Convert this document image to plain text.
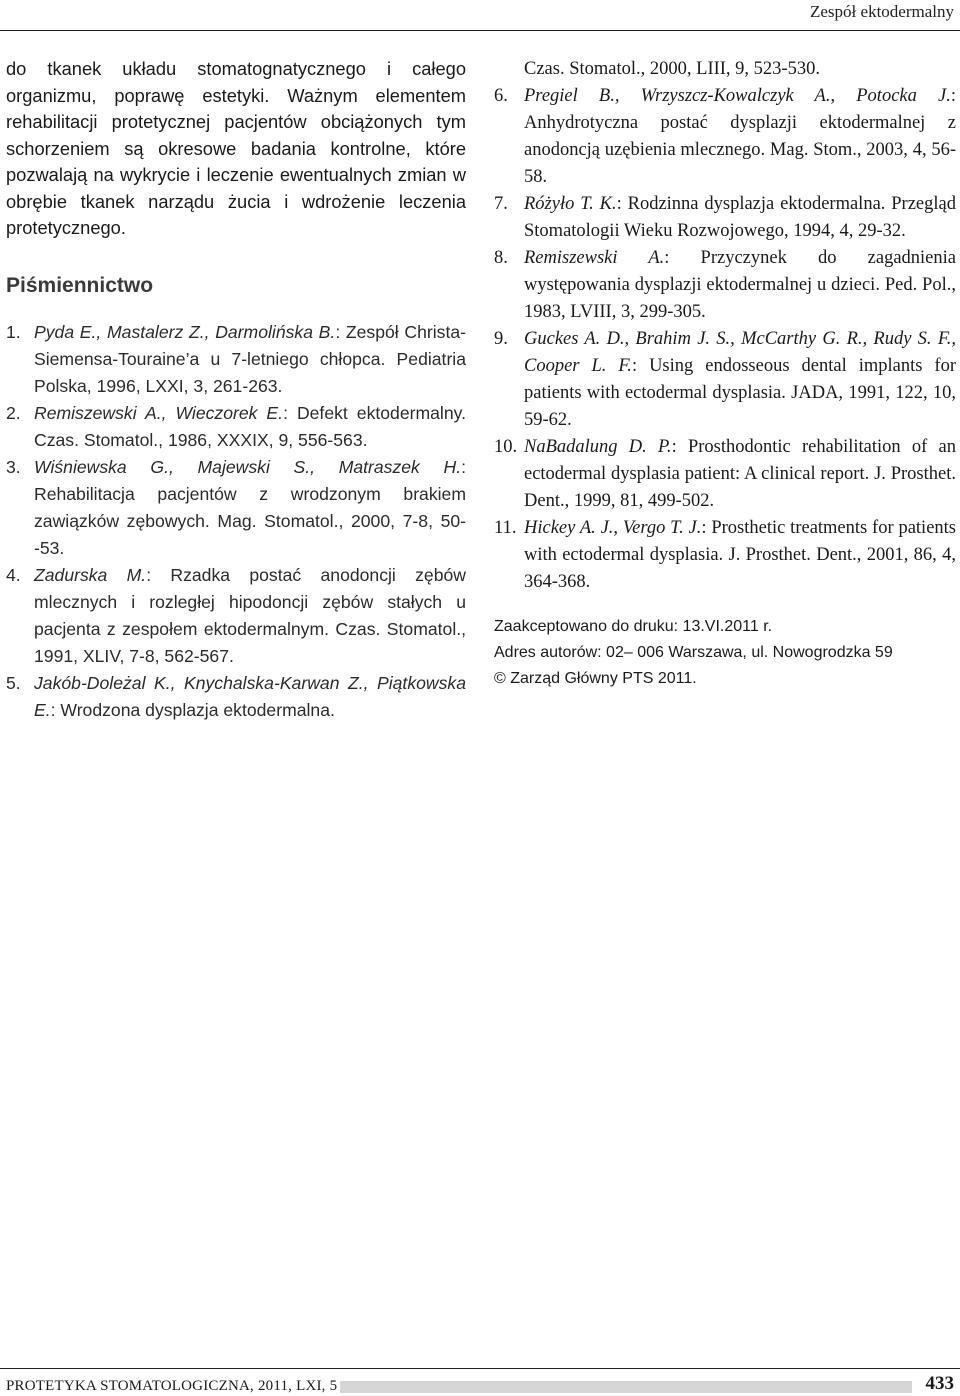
Zespół ektodermalny

do tkanek układu stomatognatycznego i całego organizmu, poprawę estetyki. Ważnym elementem rehabilitacji protetycznej pacjentów obciążonych tym schorzeniem są okresowe badania kontrolne, które pozwalają na wykrycie i leczenie ewentualnych zmian w obrębie tkanek narządu żucia i wdrożenie leczenia protetycznego.

Piśmiennictwo
1. Pyda E., Mastalerz Z., Darmolińska B.: Zespół Christa-Siemensa-Touraine’a u 7-letniego chłopca. Pediatria Polska, 1996, LXXI, 3, 261-263.
2. Remiszewski A., Wieczorek E.: Defekt ektodermalny. Czas. Stomatol., 1986, XXXIX, 9, 556-563.
3. Wiśniewska G., Majewski S., Matraszek H.: Rehabilitacja pacjentów z wrodzonym brakiem zawiązków zębowych. Mag. Stomatol., 2000, 7-8, 50--53.
4. Zadurska M.: Rzadka postać anodoncji zębów mlecznych i rozległej hipodoncji zębów stałych u pacjenta z zespołem ektodermalnym. Czas. Stomatol., 1991, XLIV, 7-8, 562-567.
5. Jakób-Doleżal K., Knychalska-Karwan Z., Piątkowska E.: Wrodzona dysplazja ektodermalna.
Czas. Stomatol., 2000, LIII, 9, 523-530.
6. Pregiel B., Wrzyszcz-Kowalczyk A., Potocka J.: Anhydrotyczna postać dysplazji ektodermalnej z anodoncją uzębienia mlecznego. Mag. Stom., 2003, 4, 56-58.
7. Różyło T. K.: Rodzinna dysplazja ektodermalna. Przegląd Stomatologii Wieku Rozwojowego, 1994, 4, 29-32.
8. Remiszewski A.: Przyczynek do zagadnienia występowania dysplazji ektodermalnej u dzieci. Ped. Pol., 1983, LVIII, 3, 299-305.
9. Guckes A. D., Brahim J. S., McCarthy G. R., Rudy S. F., Cooper L. F.: Using endosseous dental implants for patients with ectodermal dysplasia. JADA, 1991, 122, 10, 59-62.
10. NaBadalung D. P.: Prosthodontic rehabilitation of an ectodermal dysplasia patient: A clinical report. J. Prosthet. Dent., 1999, 81, 499-502.
11. Hickey A. J., Vergo T. J.: Prosthetic treatments for patients with ectodermal dysplasia. J. Prosthet. Dent., 2001, 86, 4, 364-368.
Zaakceptowano do druku: 13.VI.2011 r.
Adres autorów: 02– 006 Warszawa, ul. Nowogrodzka 59
© Zarząd Główny PTS 2011.
PROTETYKA STOMATOLOGICZNA, 2011, LXI, 5	433
